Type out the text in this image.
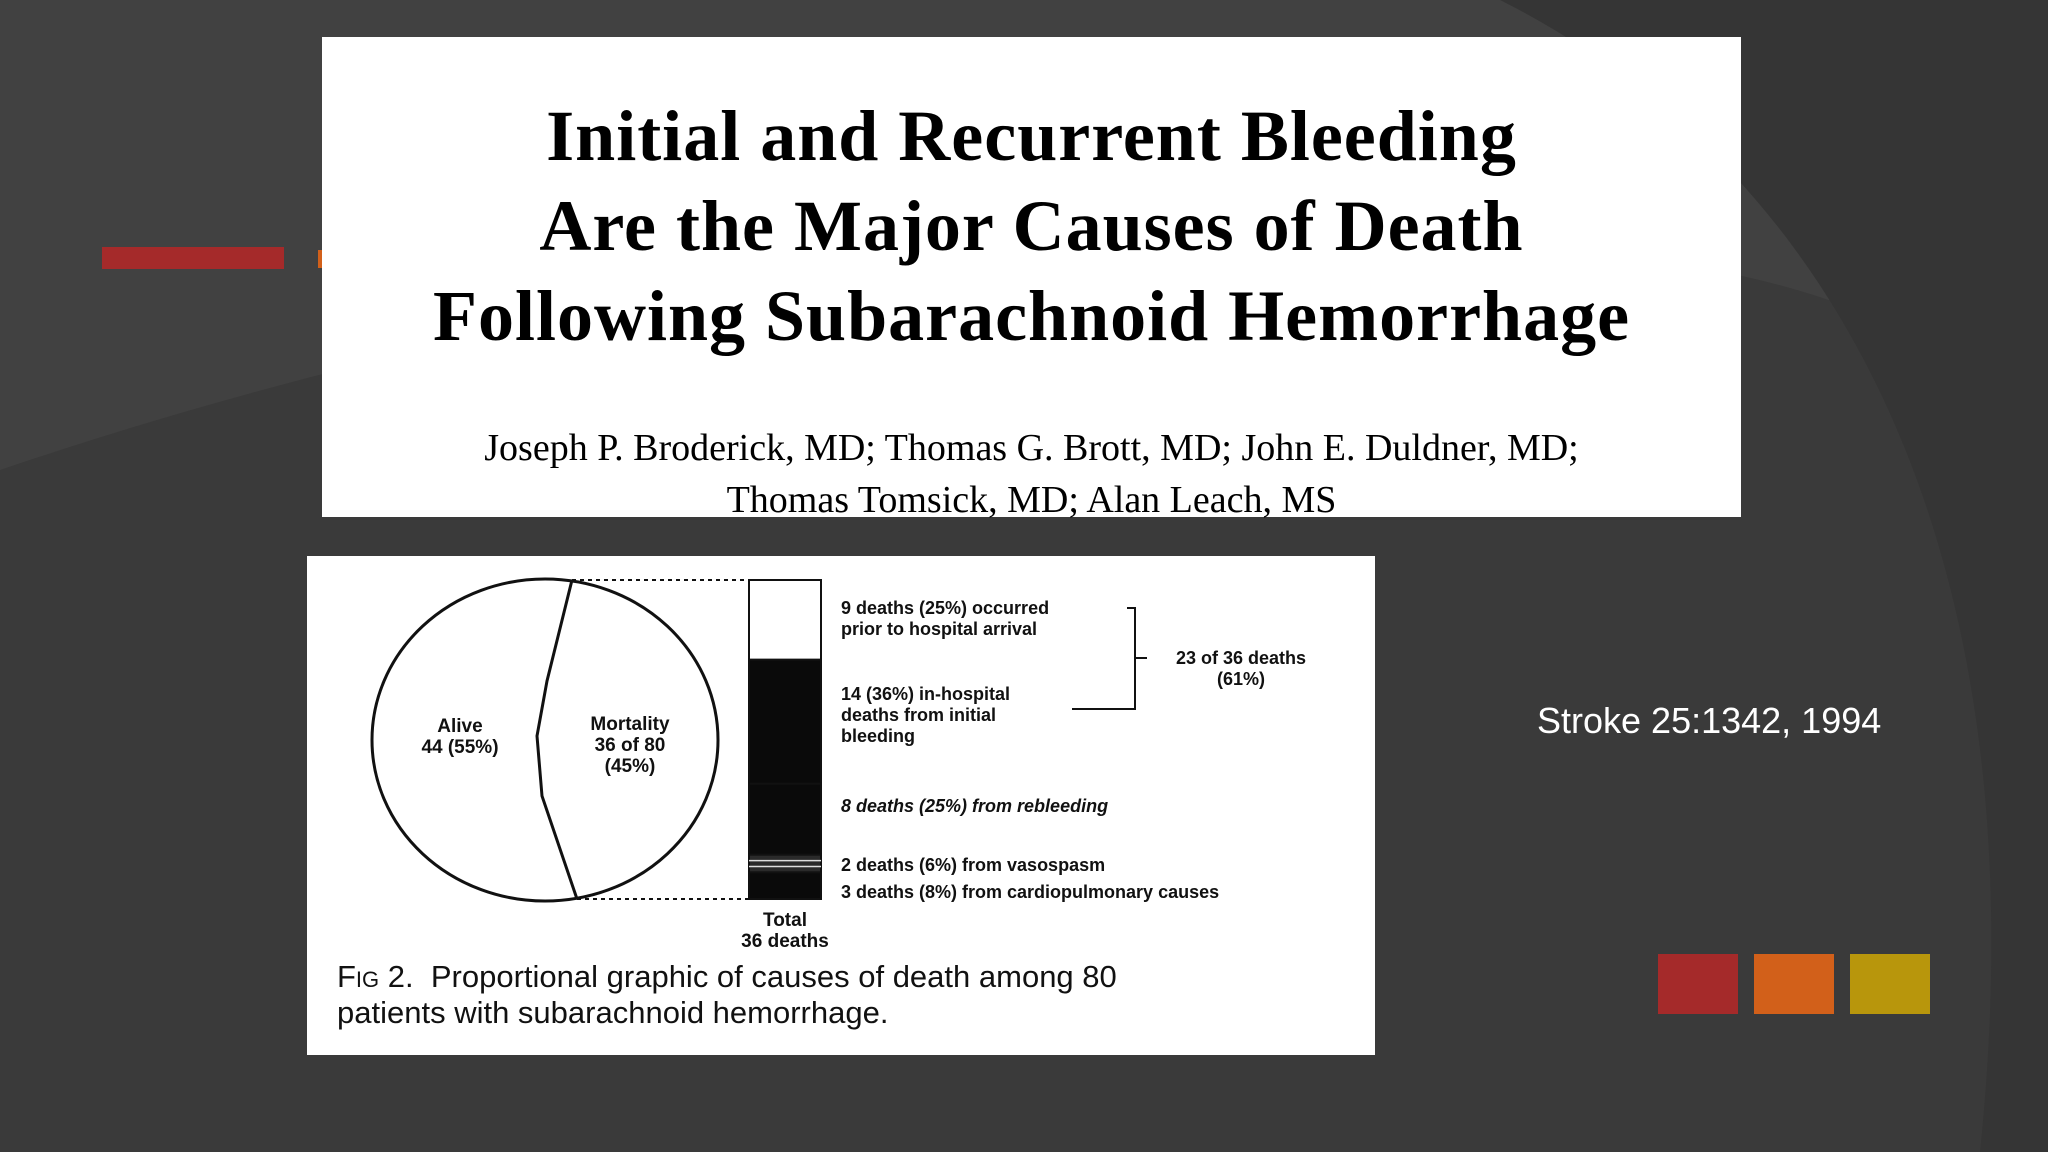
Initial and Recurrent Bleeding
Are the Major Causes of Death
Following Subarachnoid Hemorrhage
Joseph P. Broderick, MD; Thomas G. Brott, MD; John E. Duldner, MD;
Thomas Tomsick, MD; Alan Leach, MS
Alive
44 (55%)
Mortality
36 of 80
(45%)
Total
36 deaths
9 deaths (25%) occurred
prior to hospital arrival
14 (36%) in-hospital
deaths from initial
bleeding
8 deaths (25%) from rebleeding
2 deaths (6%) from vasospasm
3 deaths (8%) from cardiopulmonary causes
23 of 36 deaths
(61%)
Fig 2. Proportional graphic of causes of death among 80
patients with subarachnoid hemorrhage.
Stroke 25:1342, 1994
